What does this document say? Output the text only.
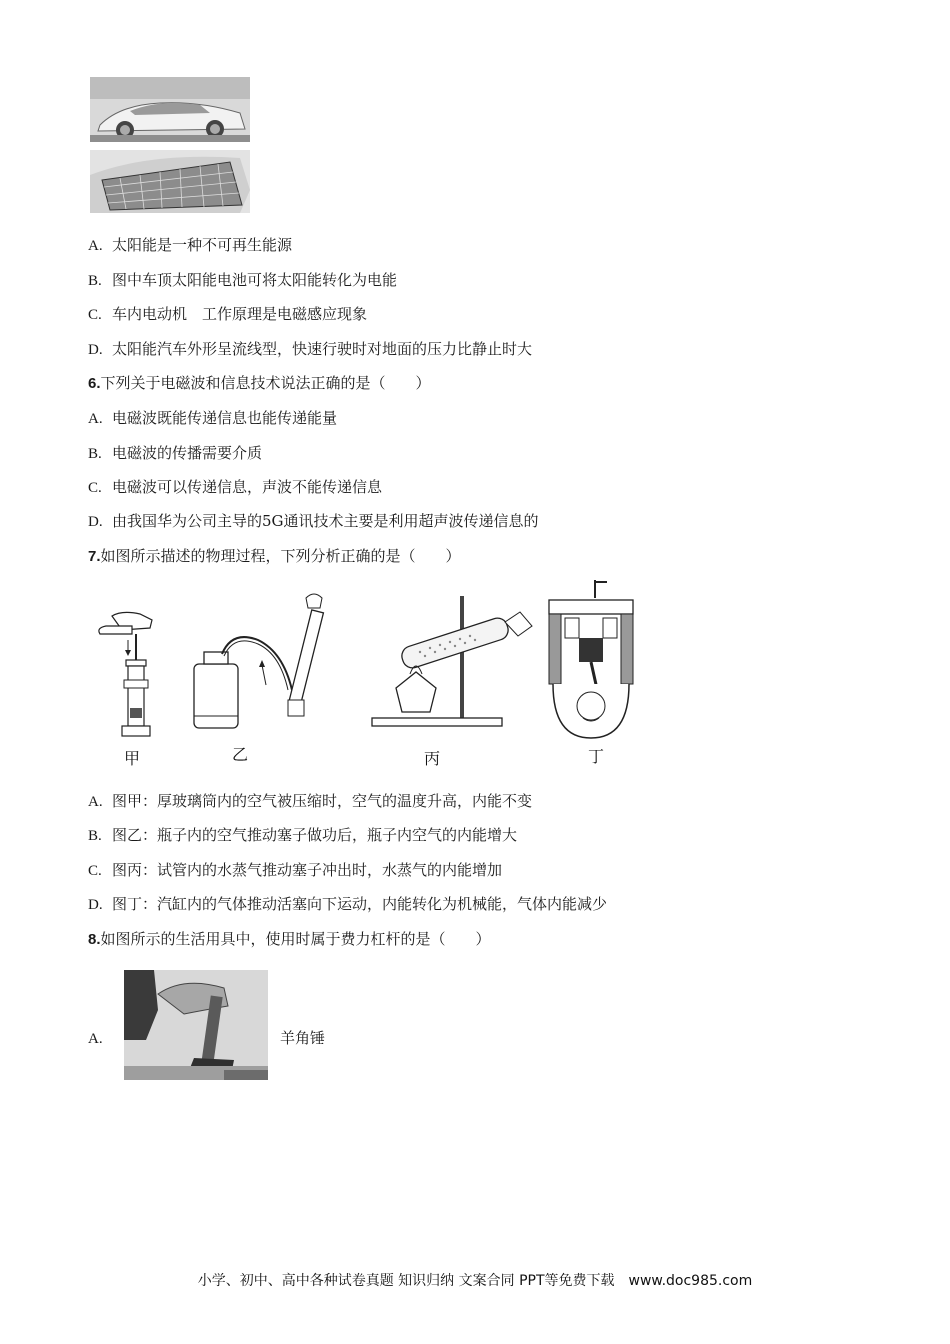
A. 太阳能是一种不可再生能源
B. 图中车顶太阳能电池可将太阳能转化为电能
C. 车内电动机　工作原理是电磁感应现象
D. 太阳能汽车外形呈流线型，快速行驶时对地面的压力比静止时大
6.下列关于电磁波和信息技术说法正确的是（　　）
A. 电磁波既能传递信息也能传递能量
B. 电磁波的传播需要介质
C. 电磁波可以传递信息，声波不能传递信息
D. 由我国华为公司主导的5G通讯技术主要是利用超声波传递信息的
7.如图所示描述的物理过程，下列分析正确的是（　　）
甲	乙	丙	丁
A. 图甲：厚玻璃筒内的空气被压缩时，空气的温度升高，内能不变
B. 图乙：瓶子内的空气推动塞子做功后，瓶子内空气的内能增大
C. 图丙：试管内的水蒸气推动塞子冲出时，水蒸气的内能增加
D. 图丁：汽缸内的气体推动活塞向下运动，内能转化为机械能，气体内能减少
8.如图所示的生活用具中，使用时属于费力杠杆的是（　　）
A.	羊角锤
小学、初中、高中各种试卷真题 知识归纳 文案合同 PPT等免费下载　www.doc985.com
